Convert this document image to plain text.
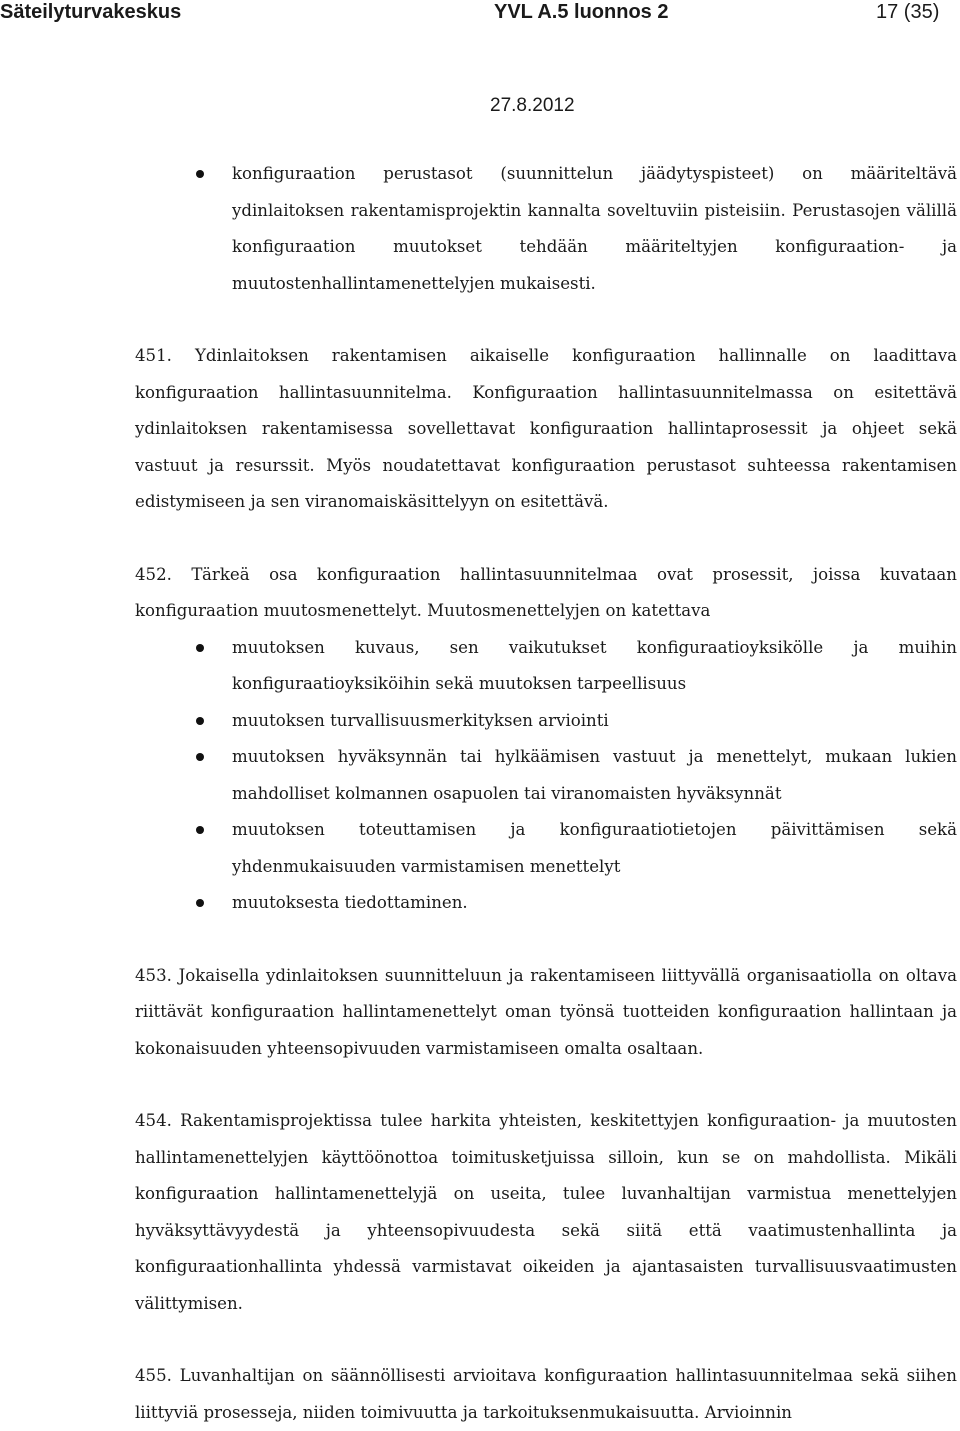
Säteilyturvakeskus	YVL A.5 luonnos 2	17 (35)
27.8.2012
konfiguraation perustasot (suunnittelun jäädytyspisteet) on määriteltävä ydinlaitoksen rakentamisprojektin kannalta soveltuviin pisteisiin. Perustasojen välillä konfiguraation muutokset tehdään määriteltyjen konfiguraation- ja muutostenhallintamenettelyjen mukaisesti.

451. Ydinlaitoksen rakentamisen aikaiselle konfiguraation hallinnalle on laadittava konfiguraation hallintasuunnitelma. Konfiguraation hallintasuunnitelmassa on esitettävä ydinlaitoksen rakentamisessa sovellettavat konfiguraation hallintaprosessit ja ohjeet sekä vastuut ja resurssit. Myös noudatettavat konfiguraation perustasot suhteessa rakentamisen edistymiseen ja sen viranomaiskäsittelyyn on esitettävä.

452. Tärkeä osa konfiguraation hallintasuunnitelmaa ovat prosessit, joissa kuvataan konfiguraation muutosmenettelyt. Muutosmenettelyjen on katettava

muutoksen kuvaus, sen vaikutukset konfiguraatioyksikölle ja muihin konfiguraatioyksiköihin sekä muutoksen tarpeellisuus
muutoksen turvallisuusmerkityksen arviointi
muutoksen hyväksynnän tai hylkäämisen vastuut ja menettelyt, mukaan lukien mahdolliset kolmannen osapuolen tai viranomaisten hyväksynnät
muutoksen toteuttamisen ja konfiguraatiotietojen päivittämisen sekä yhdenmukaisuuden varmistamisen menettelyt
muutoksesta tiedottaminen.

453. Jokaisella ydinlaitoksen suunnitteluun ja rakentamiseen liittyvällä organisaatiolla on oltava riittävät konfiguraation hallintamenettelyt oman työnsä tuotteiden konfiguraation hallintaan ja kokonaisuuden yhteensopivuuden varmistamiseen omalta osaltaan.

454. Rakentamisprojektissa tulee harkita yhteisten, keskitettyjen konfiguraation- ja muutosten hallintamenettelyjen käyttöönottoa toimitusketjuissa silloin, kun se on mahdollista. Mikäli konfiguraation hallintamenettelyjä on useita, tulee luvanhaltijan varmistua menettelyjen hyväksyttävyydestä ja yhteensopivuudesta sekä siitä että vaatimustenhallinta ja konfiguraationhallinta yhdessä varmistavat oikeiden ja ajantasaisten turvallisuusvaatimusten välittymisen.

455. Luvanhaltijan on säännöllisesti arvioitava konfiguraation hallintasuunnitelmaa sekä siihen liittyviä prosesseja, niiden toimivuutta ja tarkoituksenmukaisuutta. Arvioinnin
